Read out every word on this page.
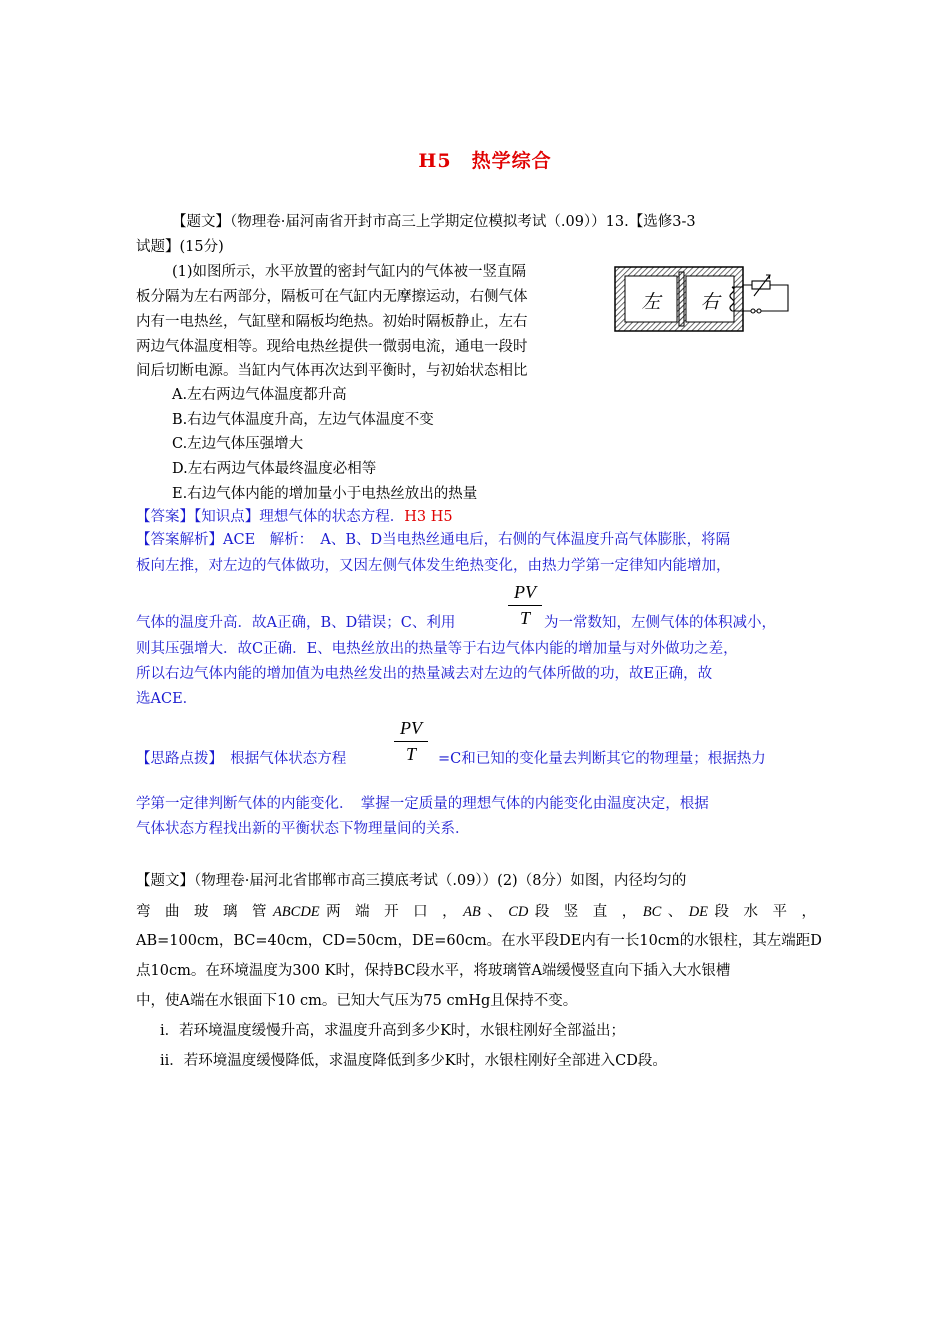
H5　热学综合
【题文】（物理卷·届河南省开封市高三上学期定位模拟考试（.09））13.【选修3-3
试题】(15分)
(1)如图所示，水平放置的密封气缸内的气体被一竖直隔
板分隔为左右两部分，隔板可在气缸内无摩擦运动，右侧气体
内有一电热丝，气缸壁和隔板均绝热。初始时隔板静止，左右
两边气体温度相等。现给电热丝提供一微弱电流，通电一段时
间后切断电源。当缸内气体再次达到平衡时，与初始状态相比
左 右
A.左右两边气体温度都升高
B.右边气体温度升高，左边气体温度不变
C.左边气体压强增大
D.左右两边气体最终温度必相等
E.右边气体内能的增加量小于电热丝放出的热量
【答案】【知识点】理想气体的状态方程．H3 H5
【答案解析】ACE　解析：　A、B、D当电热丝通电后，右侧的气体温度升高气体膨胀，将隔
板向左推，对左边的气体做功，又因左侧气体发生绝热变化，由热力学第一定律知内能增加，
气体的温度升高．故A正确，B、D错误；C、利用
PV
T 为一常数知，左侧气体的体积减小，
则其压强增大．故C正确．E、电热丝放出的热量等于右边气体内能的增加量与对外做功之差，
所以右边气体内能的增加值为电热丝发出的热量减去对左边的气体所做的功，故E正确，故
选ACE．
【思路点拨】　根据气体状态方程
PV
T	=C和已知的变化量去判断其它的物理量；根据热力
学第一定律判断气体的内能变化．　掌握一定质量的理想气体的内能变化由温度决定，根据
气体状态方程找出新的平衡状态下物理量间的关系．
【题文】（物理卷·届河北省邯郸市高三摸底考试（.09））(2)（8分）如图，内径均匀的
弯　曲　玻　璃　管 ABCDE 两　端　开　口　， AB 、 CD 段　竖　直　， BC 、 DE 段　水　平　，
AB=100cm，BC=40cm，CD=50cm，DE=60cm。在水平段DE内有一长10cm的水银柱，其左端距D
点10cm。在环境温度为300 K时，保持BC段水平，将玻璃管A端缓慢竖直向下插入大水银槽
中，使A端在水银面下10 cm。已知大气压为75 cmHg且保持不变。
i．若环境温度缓慢升高，求温度升高到多少K时，水银柱刚好全部溢出；
ii．若环境温度缓慢降低，求温度降低到多少K时，水银柱刚好全部进入CD段。
